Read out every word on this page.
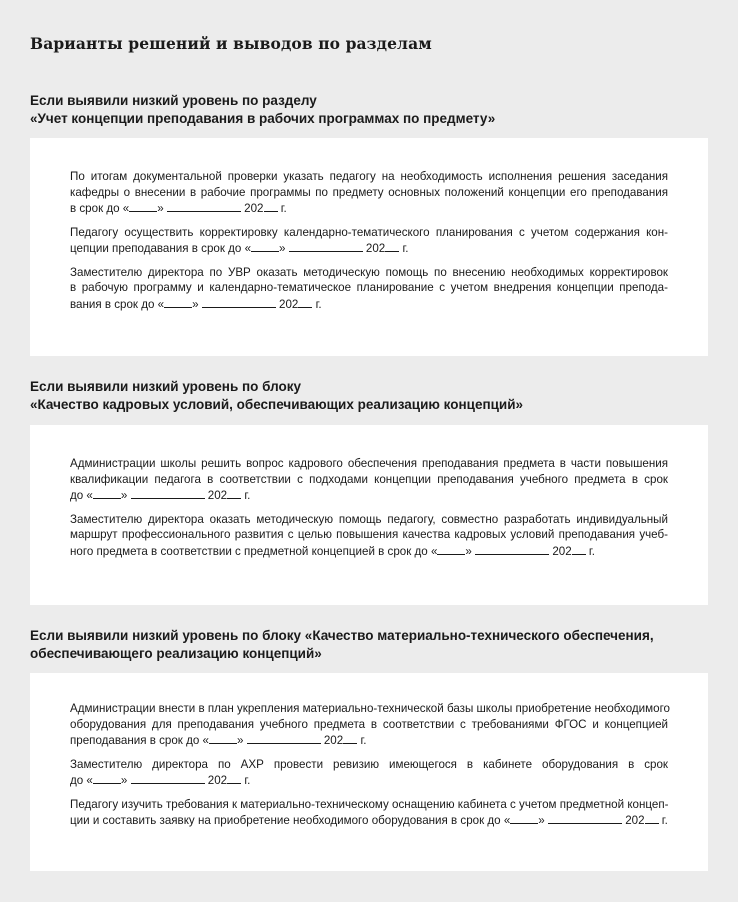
Варианты решений и выводов по разделам
Если выявили низкий уровень по разделу
«Учет концепции преподавания в рабочих программах по предмету»

По итогам документальной проверки указать педагогу на необходимость исполнения решения заседания
кафедры о внесении в рабочие программы по предмету основных положений концепции его преподавания
в срок до « »	202 г.

Педагогу осуществить корректировку календарно-тематического планирования с учетом содержания кон-
цепции преподавания в срок до « »	202 г.

Заместителю директора по УВР оказать методическую помощь по внесению необходимых корректировок
в рабочую программу и календарно-тематическое планирование с учетом внедрения концепции препода-
вания в срок до « »	202 г.

Если выявили низкий уровень по блоку
«Качество кадровых условий, обеспечивающих реализацию концепций»

Администрации школы решить вопрос кадрового обеспечения преподавания предмета в части повышения
квалификации педагога в соответствии с подходами концепции преподавания учебного предмета в срок
до « »	202 г.

Заместителю директора оказать методическую помощь педагогу, совместно разработать индивидуальный
маршрут профессионального развития с целью повышения качества кадровых условий преподавания учеб-
ного предмета в соответствии с предметной концепцией в срок до « »	202 г.

Если выявили низкий уровень по блоку «Качество материально-технического обеспечения,
обеспечивающего реализацию концепций»

Администрации внести в план укрепления материально-технической базы школы приобретение необходимого
оборудования для преподавания учебного предмета в соответствии с требованиями ФГОС и концепцией
преподавания в срок до « »	202 г.

Заместителю директора по АХР провести ревизию имеющегося в кабинете оборудования в срок
до « »	202 г.

Педагогу изучить требования к материально-техническому оснащению кабинета с учетом предметной концеп-
ции и составить заявку на приобретение необходимого оборудования в срок до « »	202 г.
